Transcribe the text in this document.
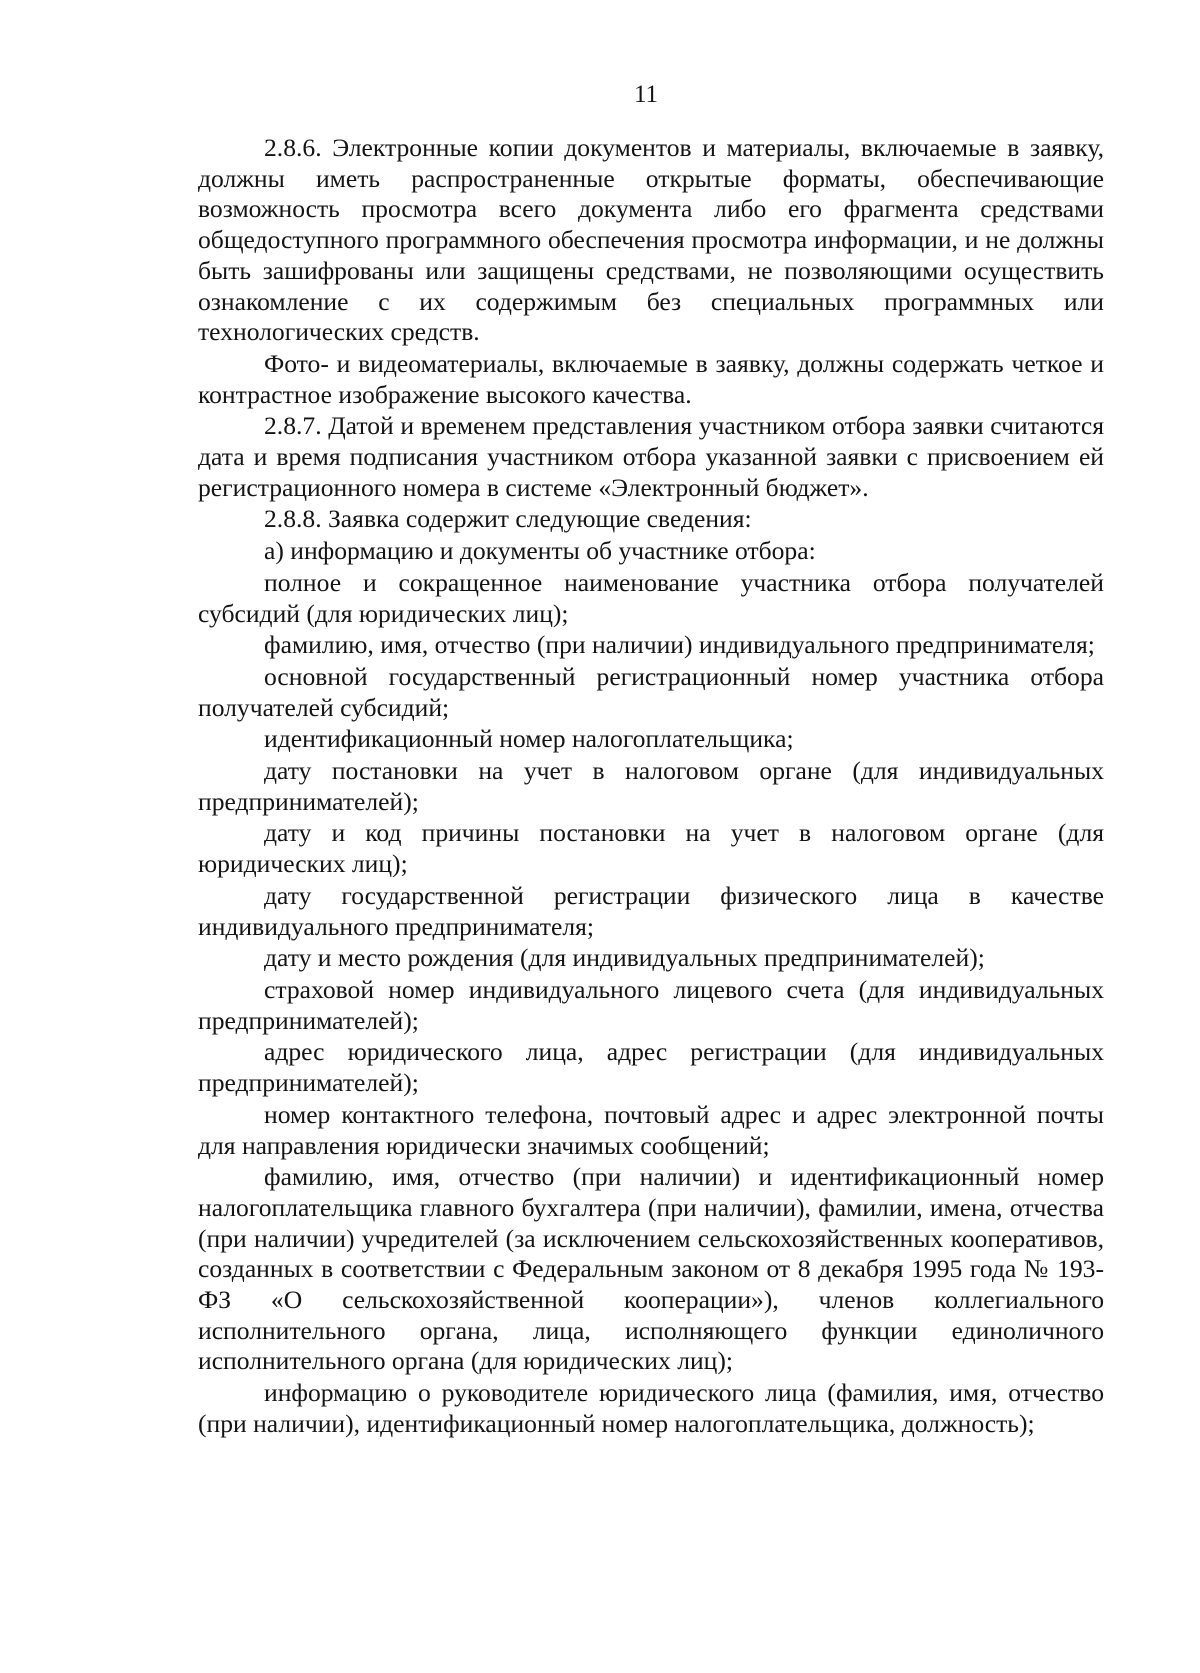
11

2.8.6. Электронные копии документов и материалы, включаемые в заявку, должны иметь распространенные открытые форматы, обеспечивающие возможность просмотра всего документа либо его фрагмента средствами общедоступного программного обеспечения просмотра информации, и не должны быть зашифрованы или защищены средствами, не позволяющими осуществить ознакомление с их содержимым без специальных программных или технологических средств.

Фото- и видеоматериалы, включаемые в заявку, должны содержать четкое и контрастное изображение высокого качества.

2.8.7. Датой и временем представления участником отбора заявки считаются дата и время подписания участником отбора указанной заявки с присвоением ей регистрационного номера в системе «Электронный бюджет».

2.8.8. Заявка содержит следующие сведения:

а) информацию и документы об участнике отбора:

полное и сокращенное наименование участника отбора получателей субсидий (для юридических лиц);

фамилию, имя, отчество (при наличии) индивидуального предпринимателя;

основной государственный регистрационный номер участника отбора получателей субсидий;

идентификационный номер налогоплательщика;

дату постановки на учет в налоговом органе (для индивидуальных предпринимателей);

дату и код причины постановки на учет в налоговом органе (для юридических лиц);

дату государственной регистрации физического лица в качестве индивидуального предпринимателя;

дату и место рождения (для индивидуальных предпринимателей);

страховой номер индивидуального лицевого счета (для индивидуальных предпринимателей);

адрес юридического лица, адрес регистрации (для индивидуальных предпринимателей);

номер контактного телефона, почтовый адрес и адрес электронной почты для направления юридически значимых сообщений;

фамилию, имя, отчество (при наличии) и идентификационный номер налогоплательщика главного бухгалтера (при наличии), фамилии, имена, отчества (при наличии) учредителей (за исключением сельскохозяйственных кооперативов, созданных в соответствии с Федеральным законом от 8 декабря 1995 года № 193-ФЗ «О сельскохозяйственной кооперации»), членов коллегиального исполнительного органа, лица, исполняющего функции единоличного исполнительного органа (для юридических лиц);

информацию о руководителе юридического лица (фамилия, имя, отчество (при наличии), идентификационный номер налогоплательщика, должность);
